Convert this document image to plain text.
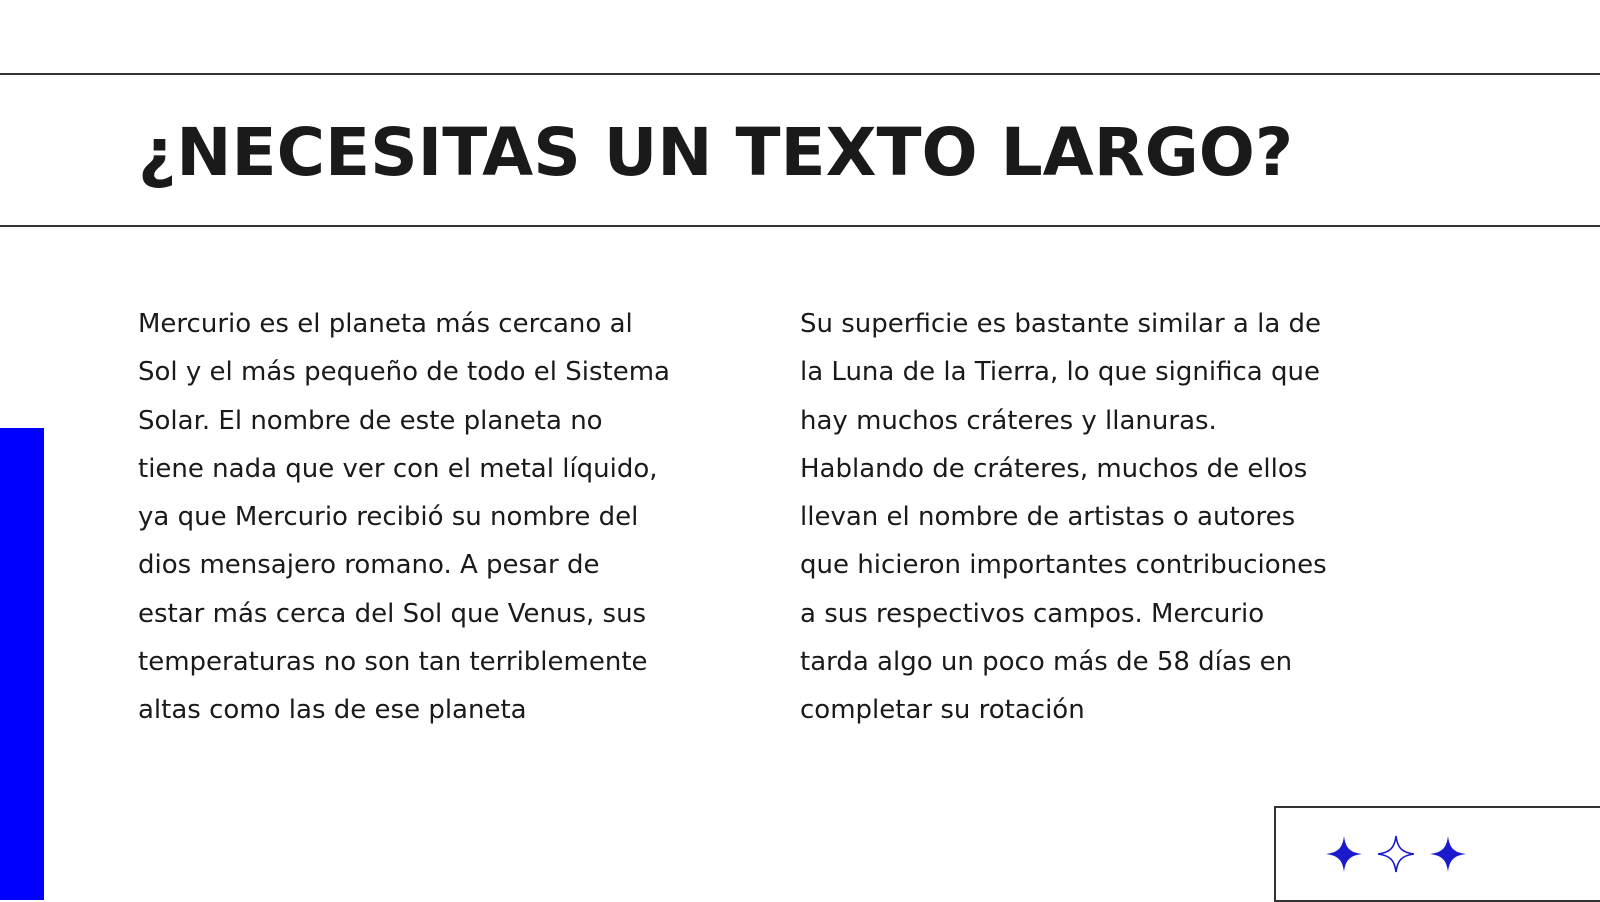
¿NECESITAS UN TEXTO LARGO?
Mercurio es el planeta más cercano al
Sol y el más pequeño de todo el Sistema
Solar. El nombre de este planeta no
tiene nada que ver con el metal líquido,
ya que Mercurio recibió su nombre del
dios mensajero romano. A pesar de
estar más cerca del Sol que Venus, sus
temperaturas no son tan terriblemente
altas como las de ese planeta
Su superficie es bastante similar a la de
la Luna de la Tierra, lo que significa que
hay muchos cráteres y llanuras.
Hablando de cráteres, muchos de ellos
llevan el nombre de artistas o autores
que hicieron importantes contribuciones
a sus respectivos campos. Mercurio
tarda algo un poco más de 58 días en
completar su rotación
